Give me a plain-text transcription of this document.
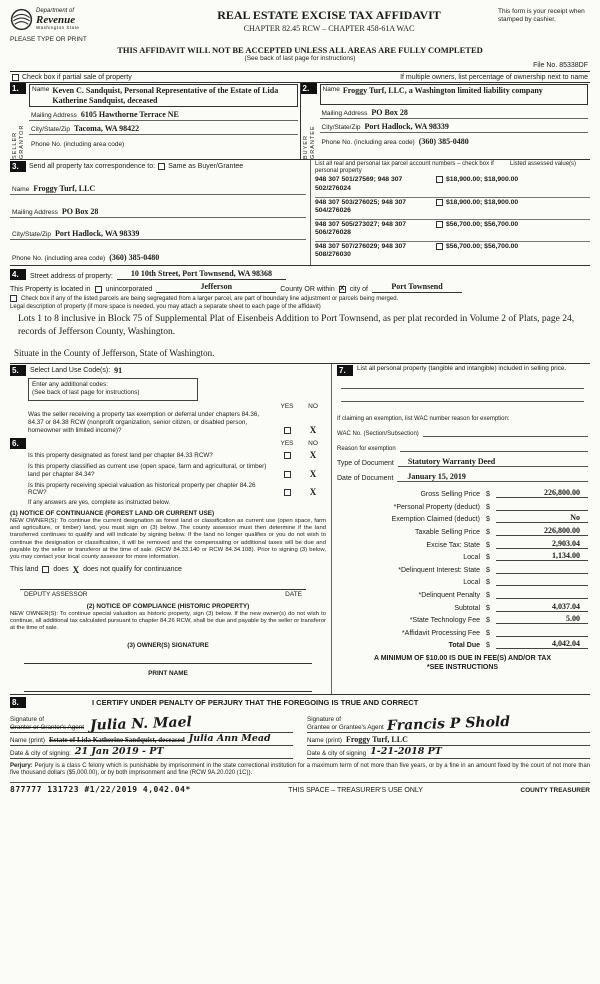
Department of
Revenue
Washington State
PLEASE TYPE OR PRINT
REAL ESTATE EXCISE TAX AFFIDAVIT
CHAPTER 82.45 RCW – CHAPTER 458-61A WAC
This form is your receipt when stamped by cashier.
THIS AFFIDAVIT WILL NOT BE ACCEPTED UNLESS ALL AREAS ARE FULLY COMPLETED
(See back of last page for instructions)
File No. 85338DF
Check box if partial sale of property	If multiple owners, list percentage of ownership next to name
1.
SELLER GRANTOR
Name Keven C. Sandquist, Personal Representative of the Estate of Lida Katherine Sandquist, deceased
Mailing Address 6105 Hawthorne Terrace NE
City/State/Zip Tacoma, WA 98422
Phone No. (including area code)
2.
BUYER GRANTEE
Name Froggy Turf, LLC, a Washington limited liability company
Mailing Address PO Box 28
City/State/Zip Port Hadlock, WA 98339
Phone No. (including area code) (360) 385-0480
3.	Send all property tax correspondence to: Same as Buyer/Grantee
Name Froggy Turf, LLC
Mailing Address PO Box 28
City/State/Zip Port Hadlock, WA 98339
Phone No. (including area code) (360) 385-0480
List all real and personal tax parcel account numbers – check box if personal property
Listed assessed value(s)
948 307 501/27569; 948 307 502/276024
$18,900.00; $18,900.00
948 307 503/276025; 948 307 504/276026
$18,900.00; $18,900.00
948 307 505/273027; 948 307 506/276028
$56,700.00; $56,700.00
948 307 507/276029; 948 307 508/276030
$56,700.00; $56,700.00
4.	Street address of property:	10 10th Street, Port Townsend, WA 98368
This Property is located in unincorporated	Jefferson	County OR within X city of	Port Townsend
Check box if any of the listed parcels are being segregated from a larger parcel, are part of boundary line adjustment or parcels being merged.
Legal description of property (if more space is needed, you may attach a separate sheet to each page of the affidavit)
Lots 1 to 8 inclusive in Block 75 of Supplemental Plat of Eisenbeis Addition to Port Townsend, as per plat recorded in Volume 2 of Plats, page 24, records of Jefferson County, Washington.
Situate in the County of Jefferson, State of Washington.
5.	Select Land Use Code(s): 91
Enter any additional codes:
(See back of last page for instructions)
YES	NO
Was the seller receiving a property tax exemption or deferral under chapters 84.36, 84.37 or 84.38 RCW (nonprofit organization, senior citizen, or disabled person, homeowner with limited income)?	X
6.	YES	NO
Is this property designated as forest land per chapter 84.33 RCW?	X
Is this property classified as current use (open space, farm and agricultural, or timber) land per chapter 84.34?	X
Is this property receiving special valuation as historical property per chapter 84.26 RCW?	X
If any answers are yes, complete as instructed below.
(1) NOTICE OF CONTINUANCE (FOREST LAND OR CURRENT USE)
NEW OWNER(S): To continue the current designation as forest land or classification as current use (open space, farm and agriculture, or timber) land, you must sign on (3) below. The county assessor must then determine if the land transferred continues to qualify and will indicate by signing below. If the land no longer qualifies or you do not wish to continue the designation or classification, it will be removed and the compensating or additional taxes will be due and payable by the seller or transferor at the time of sale. (RCW 84.33.140 or RCW 84.34.108). Prior to signing (3) below, you may contact your local county assessor for more information.
This land does X does not qualify for continuance
DEPUTY ASSESSOR	DATE
(2) NOTICE OF COMPLIANCE (HISTORIC PROPERTY)
NEW OWNER(S): To continue special valuation as historic property, sign (3) below. If the new owner(s) do not wish to continue, all additional tax calculated pursuant to chapter 84.26 RCW, shall be due and payable by the seller or transferor at the time of sale.
(3) OWNER(S) SIGNATURE
PRINT NAME
7.	List all personal property (tangible and intangible) included in selling price.
If claiming an exemption, list WAC number reason for exemption:
WAC No. (Section/Subsection)
Reason for exemption
Type of Document	Statutory Warranty Deed
Date of Document	January 15, 2019
Gross Selling Price $	226,800.00
*Personal Property (deduct) $
Exemption Claimed (deduct) $	No
Taxable Selling Price $	226,800.00
Excise Tax: State $	2,903.04
Local $	1,134.00
*Delinquent Interest: State $
Local $
*Delinquent Penalty $
Subtotal $	4,037.04
*State Technology Fee $	5.00
*Affidavit Processing Fee $
Total Due $	4,042.04
A MINIMUM OF $10.00 IS DUE IN FEE(S) AND/OR TAX
*SEE INSTRUCTIONS
8.	I CERTIFY UNDER PENALTY OF PERJURY THAT THE FOREGOING IS TRUE AND CORRECT
Signature of
Grantor or Grantor's Agent Julia N. Mael
Name (print) Estate of Lida Katherine Sandquist, deceased Julia Ann Mead
Date & city of signing: 21 Jan 2019 - PT
Signature of
Grantee or Grantee's Agent Francis P Shold
Name (print) Froggy Turf, LLC
Date & city of signing 1-21-2018 PT
Perjury: Perjury is a class C felony which is punishable by imprisonment in the state correctional institution for a maximum term of not more than five years, or by a fine in an amount fixed by the court of not more than five thousand dollars ($5,000.00), or by both imprisonment and fine (RCW 9A.20.020 (1C)).
877777 131723 #1/22/2019 4,042.04*	THIS SPACE – TREASURER'S USE ONLY	COUNTY TREASURER
